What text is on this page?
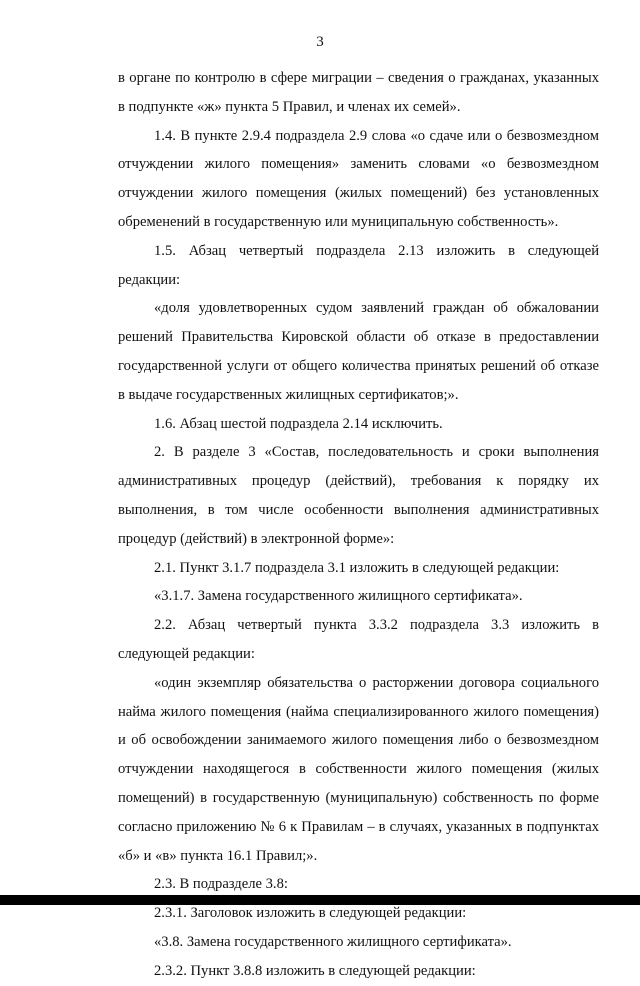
3

в органе по контролю в сфере миграции – сведения о гражданах, указанных в подпункте «ж» пункта 5 Правил, и членах их семей».

1.4. В пункте 2.9.4 подраздела 2.9 слова «о сдаче или о безвозмездном отчуждении жилого помещения» заменить словами «о безвозмездном отчуждении жилого помещения (жилых помещений) без установленных обременений в государственную или муниципальную собственность».

1.5. Абзац четвертый подраздела 2.13 изложить в следующей редакции:

«доля удовлетворенных судом заявлений граждан об обжаловании решений Правительства Кировской области об отказе в предоставлении государственной услуги от общего количества принятых решений об отказе в выдаче государственных жилищных сертификатов;».

1.6. Абзац шестой подраздела 2.14 исключить.

2. В разделе 3 «Состав, последовательность и сроки выполнения административных процедур (действий), требования к порядку их выполнения, в том числе особенности выполнения административных процедур (действий) в электронной форме»:

2.1. Пункт 3.1.7 подраздела 3.1 изложить в следующей редакции:

«3.1.7. Замена государственного жилищного сертификата».

2.2. Абзац четвертый пункта 3.3.2 подраздела 3.3 изложить в следующей редакции:

«один экземпляр обязательства о расторжении договора социального найма жилого помещения (найма специализированного жилого помещения) и об освобождении занимаемого жилого помещения либо о безвозмездном отчуждении находящегося в собственности жилого помещения (жилых помещений) в государственную (муниципальную) собственность по форме согласно приложению № 6 к Правилам – в случаях, указанных в подпунктах «б» и «в» пункта 16.1 Правил;».

2.3. В подразделе 3.8:

2.3.1. Заголовок изложить в следующей редакции:

«3.8. Замена государственного жилищного сертификата».

2.3.2. Пункт 3.8.8 изложить в следующей редакции:
